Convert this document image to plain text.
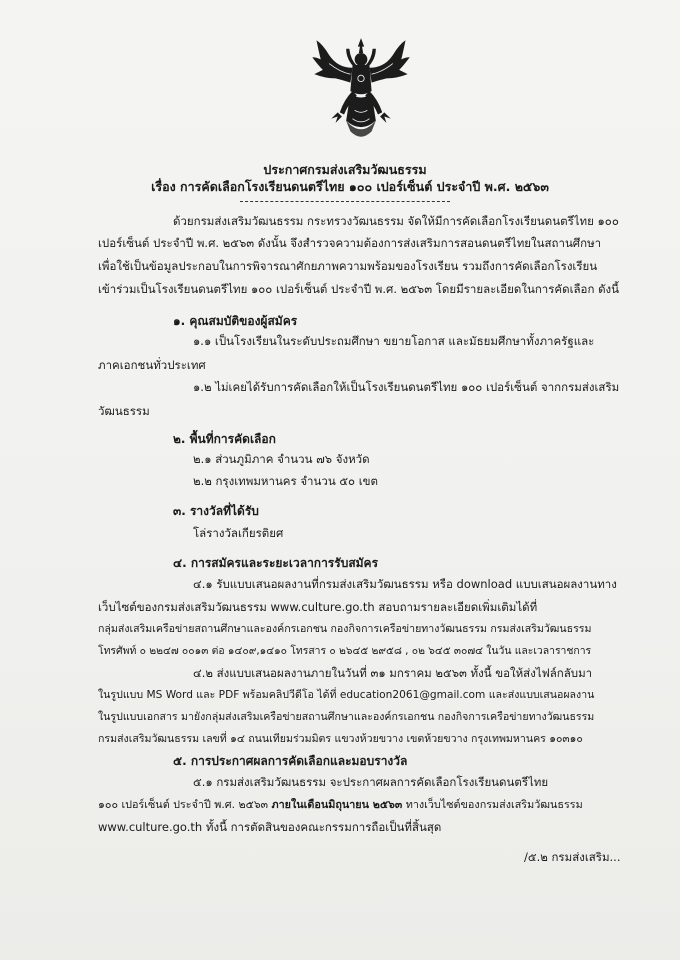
ประกาศกรมส่งเสริมวัฒนธรรม
เรื่อง การคัดเลือกโรงเรียนดนตรีไทย ๑๐๐ เปอร์เซ็นต์ ประจำปี พ.ศ. ๒๕๖๓
ด้วยกรมส่งเสริมวัฒนธรรม กระทรวงวัฒนธรรม จัดให้มีการคัดเลือกโรงเรียนดนตรีไทย ๑๐๐
เปอร์เซ็นต์ ประจำปี พ.ศ. ๒๕๖๓ ดังนั้น จึงสำรวจความต้องการส่งเสริมการสอนดนตรีไทยในสถานศึกษา
เพื่อใช้เป็นข้อมูลประกอบในการพิจารณาศักยภาพความพร้อมของโรงเรียน รวมถึงการคัดเลือกโรงเรียน
เข้าร่วมเป็นโรงเรียนดนตรีไทย ๑๐๐ เปอร์เซ็นต์ ประจำปี พ.ศ. ๒๕๖๓ โดยมีรายละเอียดในการคัดเลือก ดังนี้
๑. คุณสมบัติของผู้สมัคร
๑.๑ เป็นโรงเรียนในระดับประถมศึกษา ขยายโอกาส และมัธยมศึกษาทั้งภาครัฐและ
ภาคเอกชนทั่วประเทศ
๑.๒ ไม่เคยได้รับการคัดเลือกให้เป็นโรงเรียนดนตรีไทย ๑๐๐ เปอร์เซ็นต์ จากกรมส่งเสริม
วัฒนธรรม
๒. พื้นที่การคัดเลือก
๒.๑ ส่วนภูมิภาค จำนวน ๗๖ จังหวัด
๒.๒ กรุงเทพมหานคร จำนวน ๕๐ เขต
๓. รางวัลที่ได้รับ
โล่รางวัลเกียรติยศ
๔. การสมัครและระยะเวลาการรับสมัคร
๔.๑ รับแบบเสนอผลงานที่กรมส่งเสริมวัฒนธรรม หรือ download แบบเสนอผลงานทาง
เว็บไซต์ของกรมส่งเสริมวัฒนธรรม www.culture.go.th สอบถามรายละเอียดเพิ่มเติมได้ที่
กลุ่มส่งเสริมเครือข่ายสถานศึกษาและองค์กรเอกชน กองกิจการเครือข่ายทางวัฒนธรรม กรมส่งเสริมวัฒนธรรม
โทรศัพท์ ๐ ๒๒๔๗ ๐๐๑๓ ต่อ ๑๔๐๙,๑๔๑๐ โทรสาร ๐ ๒๖๔๕ ๒๙๕๘ , ๐๒ ๖๔๕ ๓๐๗๔ ในวัน และเวลาราชการ
๔.๒ ส่งแบบเสนอผลงานภายในวันที่ ๓๑ มกราคม ๒๕๖๓ ทั้งนี้ ขอให้ส่งไฟล์กลับมา
ในรูปแบบ MS Word และ PDF พร้อมคลิปวีดีโอ ได้ที่ education2061@gmail.com และส่งแบบเสนอผลงาน
ในรูปแบบเอกสาร มายังกลุ่มส่งเสริมเครือข่ายสถานศึกษาและองค์กรเอกชน กองกิจการเครือข่ายทางวัฒนธรรม
กรมส่งเสริมวัฒนธรรม เลขที่ ๑๔ ถนนเทียมร่วมมิตร แขวงห้วยขวาง เขตห้วยขวาง กรุงเทพมหานคร ๑๐๓๑๐
๕. การประกาศผลการคัดเลือกและมอบรางวัล
๕.๑ กรมส่งเสริมวัฒนธรรม จะประกาศผลการคัดเลือกโรงเรียนดนตรีไทย
๑๐๐ เปอร์เซ็นต์ ประจำปี พ.ศ. ๒๕๖๓ ภายในเดือนมิถุนายน ๒๕๖๓ ทางเว็บไซต์ของกรมส่งเสริมวัฒนธรรม
www.culture.go.th ทั้งนี้ การตัดสินของคณะกรรมการถือเป็นที่สิ้นสุด
/๕.๒ กรมส่งเสริม...
